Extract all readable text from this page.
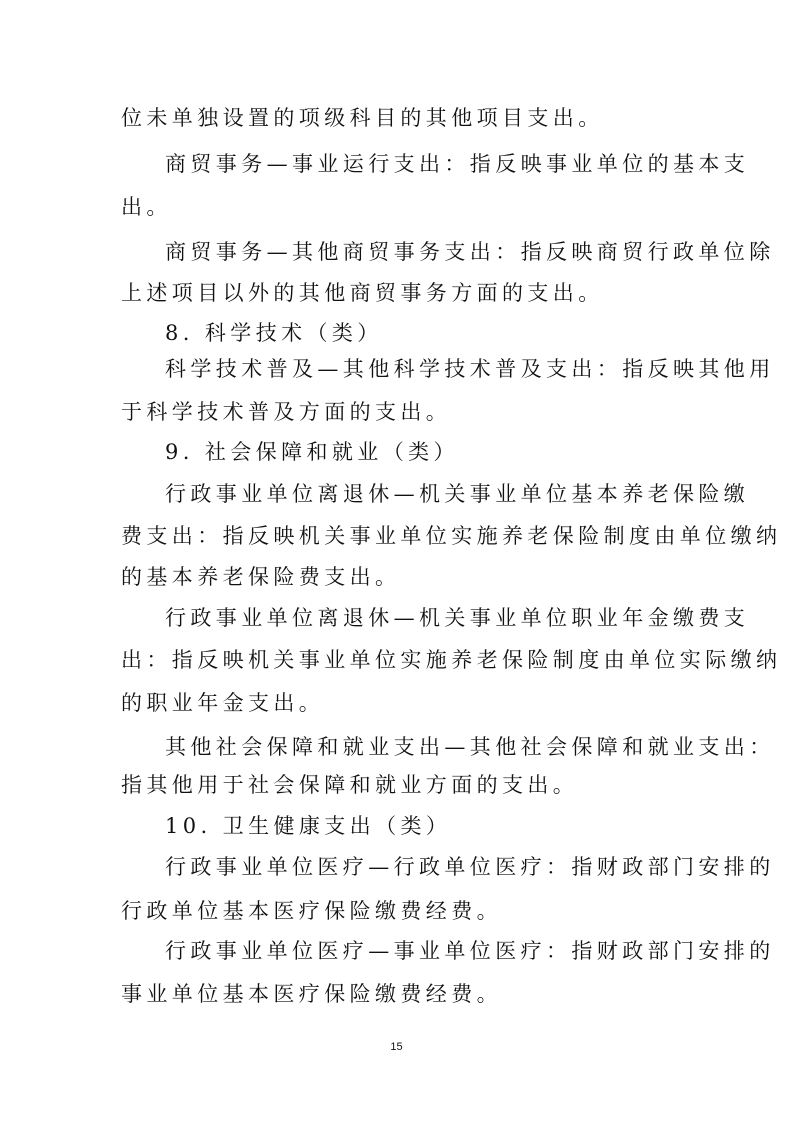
位未单独设置的项级科目的其他项目支出。
商贸事务—事业运行支出：指反映事业单位的基本支
出。
商贸事务—其他商贸事务支出：指反映商贸行政单位除
上述项目以外的其他商贸事务方面的支出。
8. 科学技术（类）
科学技术普及—其他科学技术普及支出：指反映其他用
于科学技术普及方面的支出。
9. 社会保障和就业（类）
行政事业单位离退休—机关事业单位基本养老保险缴
费支出：指反映机关事业单位实施养老保险制度由单位缴纳
的基本养老保险费支出。
行政事业单位离退休—机关事业单位职业年金缴费支
出：指反映机关事业单位实施养老保险制度由单位实际缴纳
的职业年金支出。
其他社会保障和就业支出—其他社会保障和就业支出：
指其他用于社会保障和就业方面的支出。
10. 卫生健康支出（类）
行政事业单位医疗—行政单位医疗：指财政部门安排的
行政单位基本医疗保险缴费经费。
行政事业单位医疗—事业单位医疗：指财政部门安排的
事业单位基本医疗保险缴费经费。
15
